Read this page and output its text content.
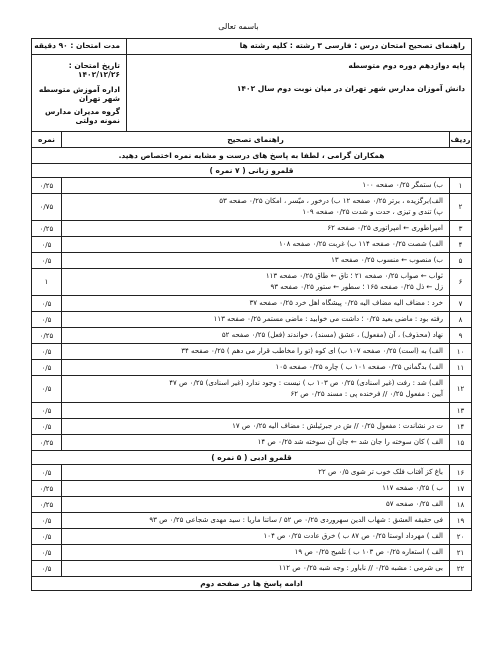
باسمه تعالی
راهنمای تصحیح امتحان درس : فارسی ۳ رشته : کلیه رشته ها
پایه دوازدهم دوره دوم متوسطه
دانش آموزان مدارس شهر تهران در میان نوبت دوم سال ۱۴۰۲
مدت امتحان : ۹۰ دقیقه
تاریخ امتحان : ۱۴۰۲/۱۲/۲۶
اداره آموزش متوسطه شهر تهران
گروه مدیران مدارس نمونه دولتی
ردیف
راهنمای تصحیح
نمره
همکاران گرامی ، لطفا به پاسخ های درست و مشابه نمره اختصاص دهید.
قلمرو زبانی ( ۷ نمره )
۱
ب) ستمگر ۰/۲۵ صفحه ۱۰۰
۰/۲۵
۲
الف)برگزیده ، برتر ۰/۲۵ صفحه ۱۲ ب) درخور ، میّسر ، امکان ۰/۲۵ صفحه ۵۳
پ) تندی و تیزی ، حدت و شدت ۰/۲۵ صفحه ۱۰۹
۰/۷۵
۳
امپراطوری ← امپراتوری ۰/۲۵ صفحه ۶۲
۰/۲۵
۴
الف) شصت ۰/۲۵ صفحه ۱۱۴ ب) غربت ۰/۲۵ صفحه ۱۰۸
۰/۵
۵
ب) منصوب ← منسوب ۰/۲۵ صفحه ۱۳
۰/۵
۶
ثواب ← صواب ۰/۲۵ صفحه ۲۱ ؛ تاق ← طاق ۰/۲۵ صفحه ۱۱۳
زل ← ذل ۰/۲۵ صفحه ۱۶۵ ؛ سطور ← ستور ۰/۲۵ صفحه ۹۳
۱
۷
خرد : مضاف الیه مضاف الیه ۰/۲۵ پیشگاه اهل خرد ۰/۲۵ صفحه ۳۷
۰/۵
۸
رفته بود : ماضی بعید ۰/۲۵ ؛ داشت می خوابید : ماضی مستمر ۰/۲۵ صفحه ۱۱۳
۰/۵
۹
نهاد (محذوف) ، آن (مفعول) ، عشق (مسند) ، خواندند (فعل) ۰/۲۵ صفحه ۵۲
۰/۲۵
۱۰
الف) به (است) ۰/۲۵ صفحه ۱۰۷ ب) ای کوه (تو را مخاطب قرار می دهم ) ۰/۲۵ صفحه ۳۴
۰/۵
۱۱
الف) بدگمانی ۰/۲۵ صفحه ۱۰۱ ب ) چاره ۰/۲۵ صفحه ۱۰۵
۰/۵
۱۲
الف) شد : رفت (غیر اسنادی) ۰/۲۵ ص ۱۰۳ ب ) نیست : وجود ندارد (غیر اسنادی) ۰/۲۵ ص ۴۷
آیین : مفعول ۰/۲۵ // فرخنده پی : مسند ۰/۲۵ ص ۶۲
۰/۵
۱۳

۰/۵
۱۴
ت در نشاندت : مفعول ۰/۲۵ // ش در جبرئیلش : مضاف الیه ۰/۲۵ ص ۱۷
۰/۵
۱۵
الف ) کان سوخته را جان شد ← جان آن سوخته شد ۰/۲۵ ص ۱۴
۰/۲۵
قلمرو ادبی ( ۵ نمره )
۱۶
باغ کز آفتاب فلک خوب تر شوی ۰/۵ ص ۲۲
۰/۵
۱۷
ب ) ۰/۲۵ صفحه ۱۱۷
۰/۲۵
۱۸
الف ۰/۲۵ صفحه ۵۷
۰/۲۵
۱۹
فی حقیقه العشق : شهاب الدین سهروردی ۰/۲۵ ص ۵۲ / ساتنا ماریا : سید مهدی شجاعی ۰/۲۵ ص ۹۳
۰/۵
۲۰
الف ) مهرداد اوستا ۰/۲۵ ص ۸۷ ب ) خرق عادت ۰/۲۵ ص ۱۰۴
۰/۵
۲۱
الف ) استعاره ۰/۲۵ ص ۱۰۳ ب ) تلمیح ۰/۲۵ ص ۱۹
۰/۵
۲۲
بی شرمی : مشبه ۰/۲۵ // ناباور : وجه شبه ۰/۲۵ ص ۱۱۲
۰/۵
ادامه پاسخ ها در صفحه دوم
